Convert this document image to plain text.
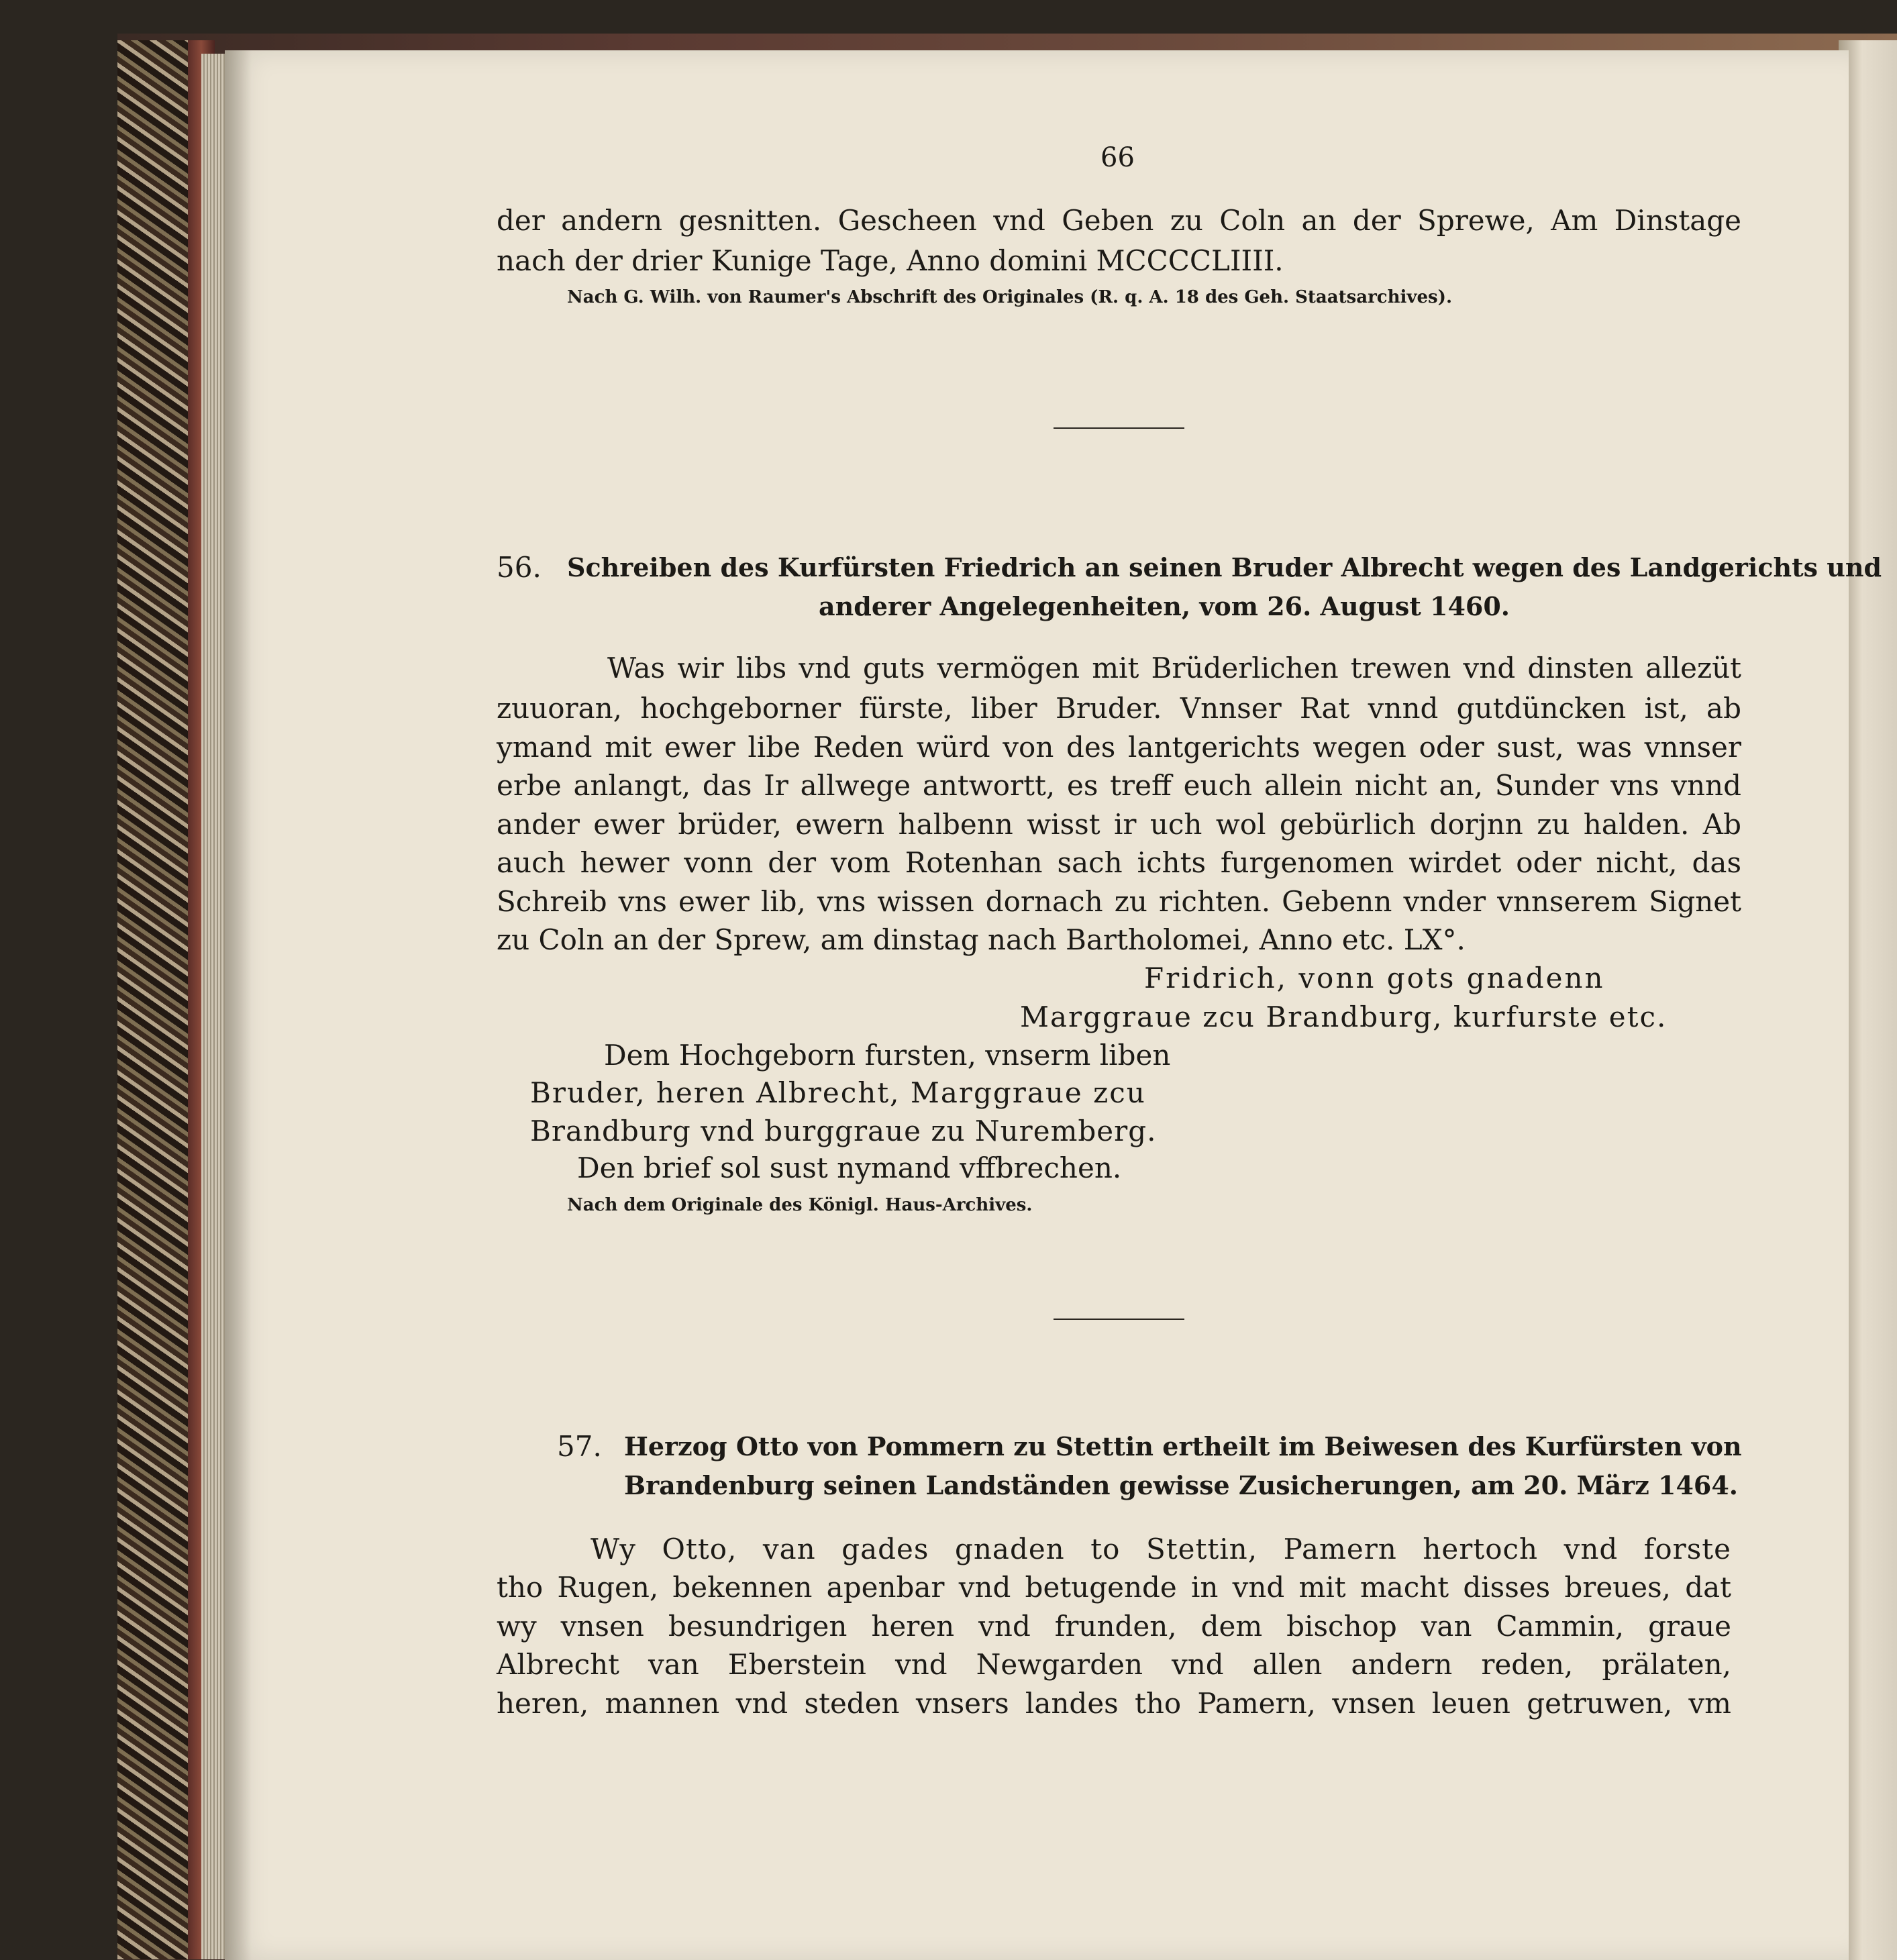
66
der andern gesnitten. Gescheen vnd Geben zu Coln an der Sprewe, Am Dinstage
nach der drier Kunige Tage, Anno domini MCCCCLIIII.
Nach G. Wilh. von Raumer's Abschrift des Originales (R. q. A. 18 des Geh. Staatsarchives).
56. Schreiben des Kurfürsten Friedrich an seinen Bruder Albrecht wegen des Landgerichts und
anderer Angelegenheiten, vom 26. August 1460.
Was wir libs vnd guts vermögen mit Brüderlichen trewen vnd dinsten allezüt
zuuoran, hochgeborner fürste, liber Bruder. Vnnser Rat vnnd gutdüncken ist, ab
ymand mit ewer libe Reden würd von des lantgerichts wegen oder sust, was vnnser
erbe anlangt, das Ir allwege antwortt, es treff euch allein nicht an, Sunder vns vnnd
ander ewer brüder, ewern halbenn wisst ir uch wol gebürlich dorjnn zu halden. Ab
auch hewer vonn der vom Rotenhan sach ichts furgenomen wirdet oder nicht, das
Schreib vns ewer lib, vns wissen dornach zu richten. Gebenn vnder vnnserem Signet
zu Coln an der Sprew, am dinstag nach Bartholomei, Anno etc. LX°.
Fridrich, vonn gots gnadenn
Marggraue zcu Brandburg, kurfurste etc.
Dem Hochgeborn fursten, vnserm liben
Bruder, heren Albrecht, Marggraue zcu
Brandburg vnd burggraue zu Nuremberg.
Den brief sol sust nymand vffbrechen.
Nach dem Originale des Königl. Haus-Archives.
57. Herzog Otto von Pommern zu Stettin ertheilt im Beiwesen des Kurfürsten von
Brandenburg seinen Landständen gewisse Zusicherungen, am 20. März 1464.
Wy Otto, van gades gnaden to Stettin, Pamern hertoch vnd forste
tho Rugen, bekennen apenbar vnd betugende in vnd mit macht disses breues, dat
wy vnsen besundrigen heren vnd frunden, dem bischop van Cammin, graue
Albrecht van Eberstein vnd Newgarden vnd allen andern reden, prälaten,
heren, mannen vnd steden vnsers landes tho Pamern, vnsen leuen getruwen, vm
